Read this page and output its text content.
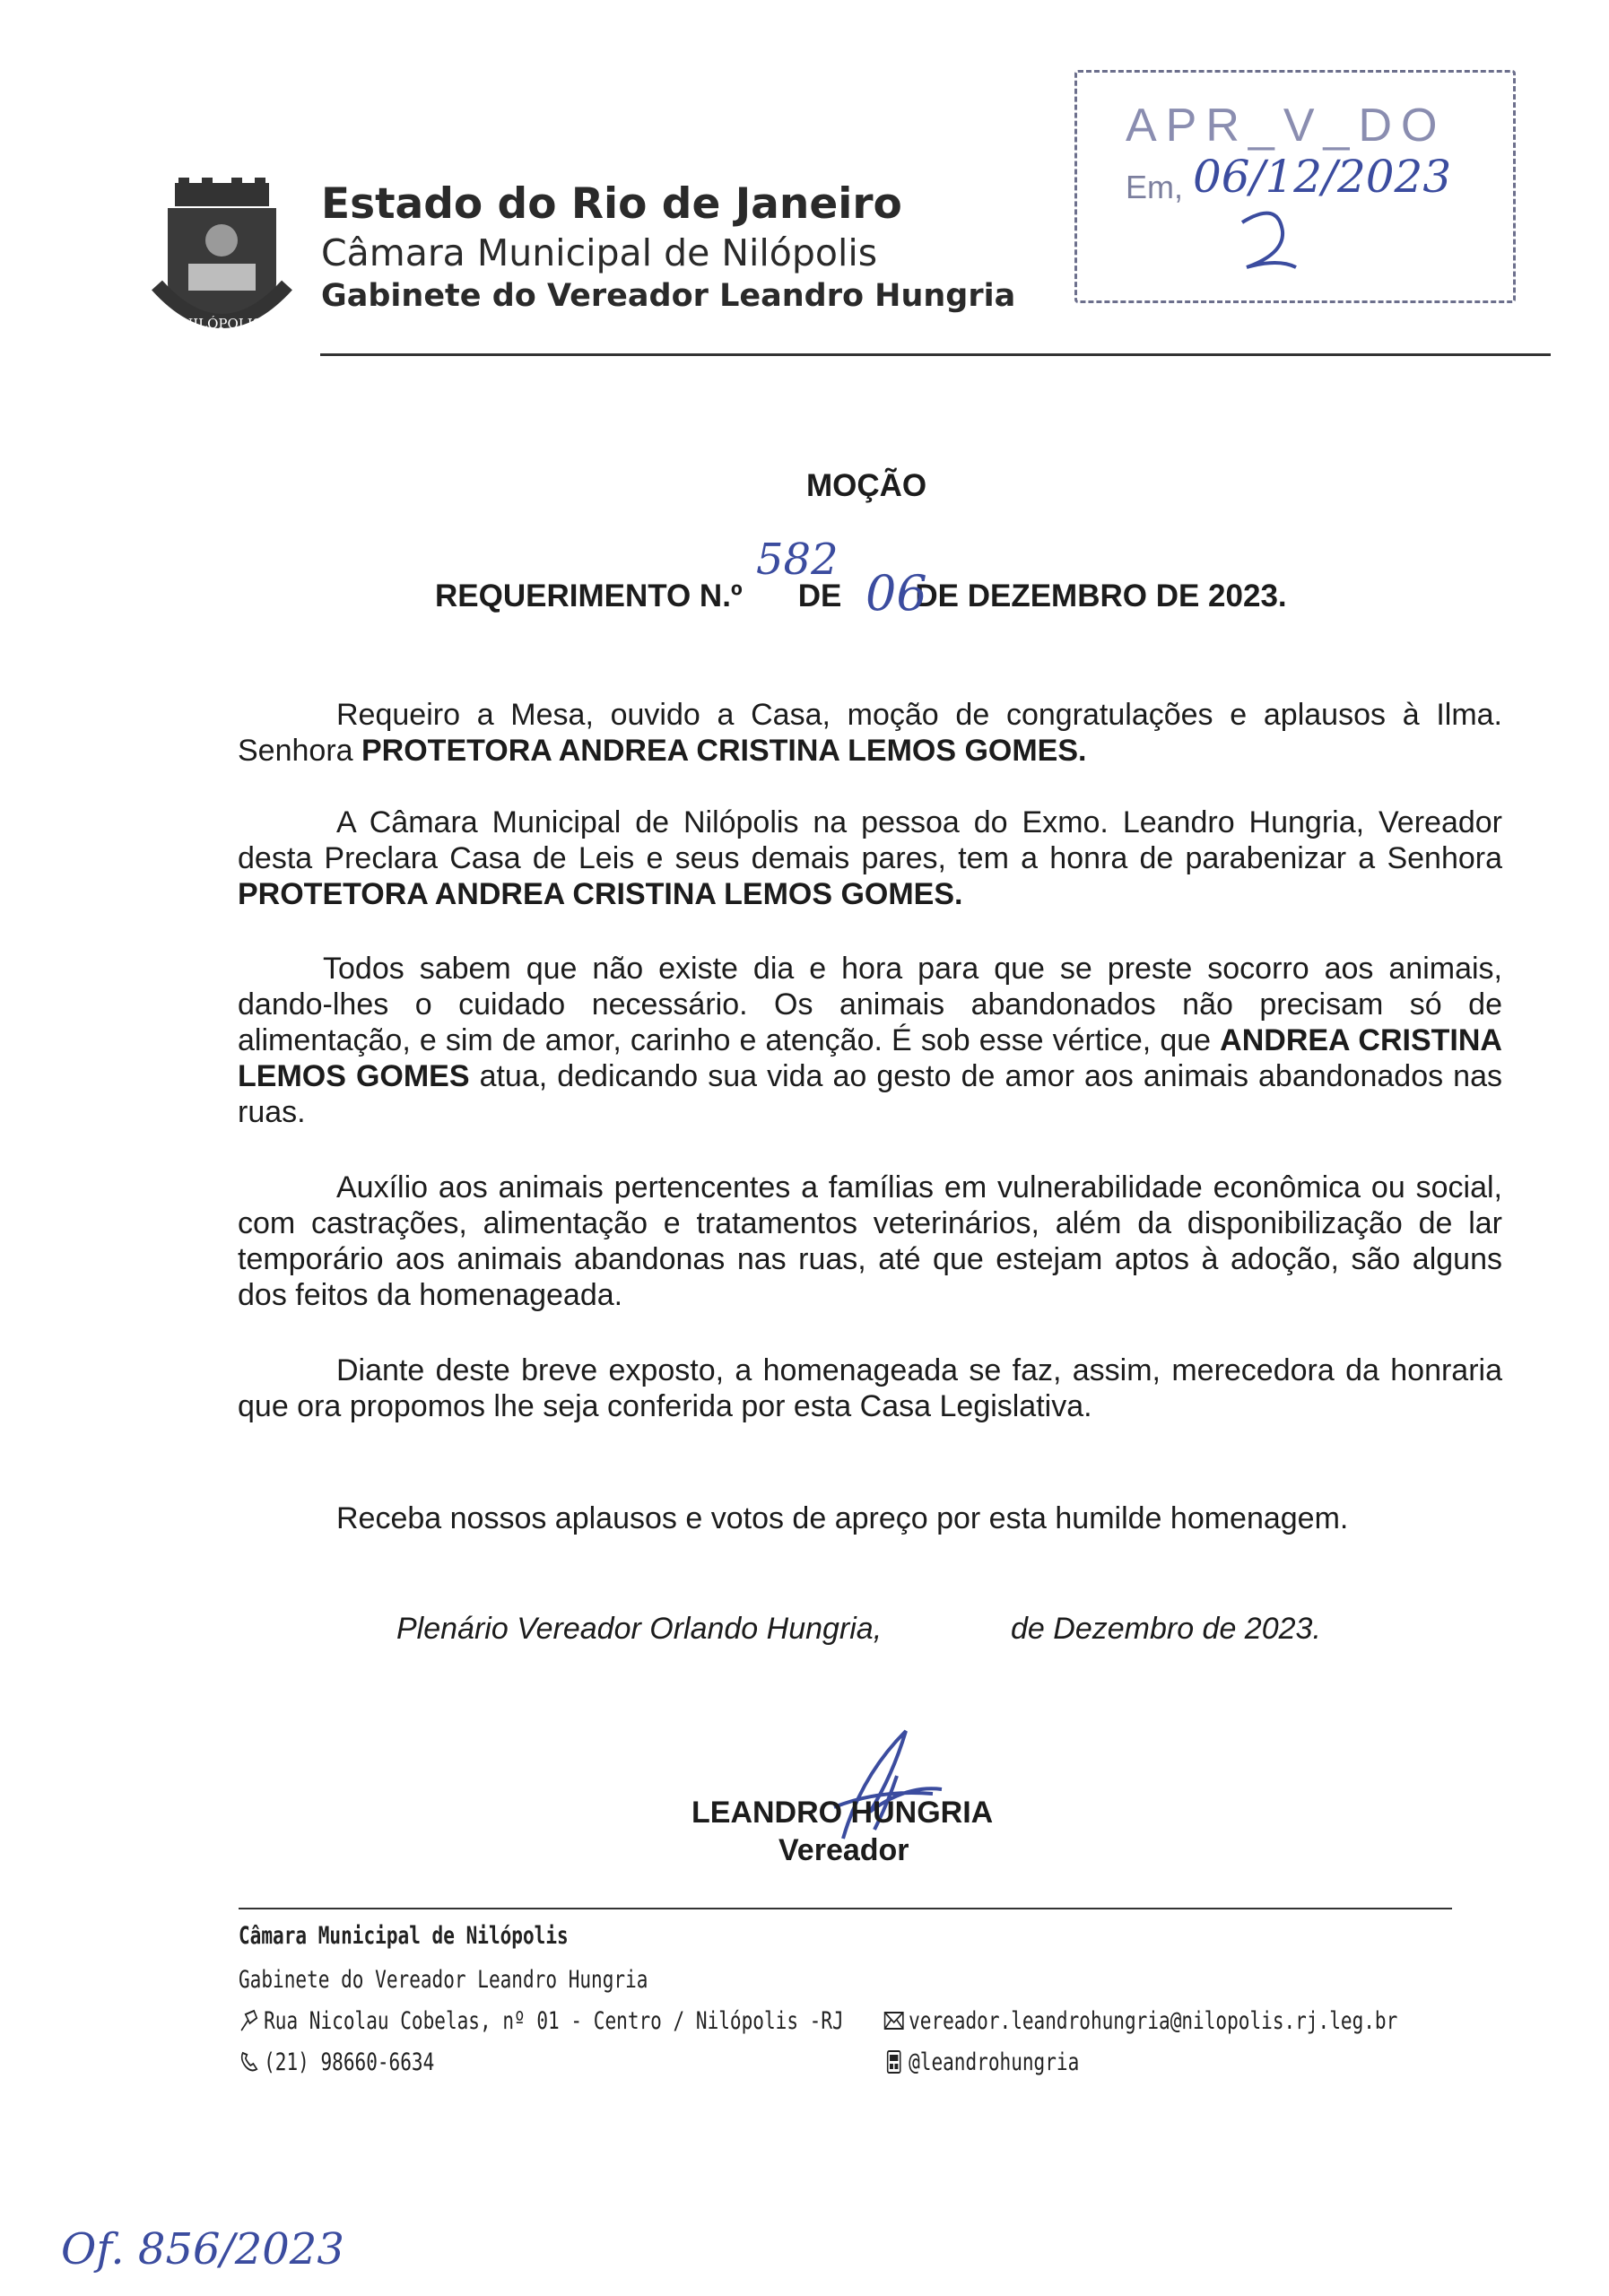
NILÓPOLIS
Estado do Rio de Janeiro
Câmara Municipal de Nilópolis
Gabinete do Vereador Leandro Hungria
APR_V_DO
Em, 06/12/2023
MOÇÃO
REQUERIMENTO N.º DE DE DEZEMBRO DE 2023.
582
06
Requeiro a Mesa, ouvido a Casa, moção de congratulações e aplausos à Ilma. Senhora PROTETORA ANDREA CRISTINA LEMOS GOMES.
A Câmara Municipal de Nilópolis na pessoa do Exmo. Leandro Hungria, Vereador desta Preclara Casa de Leis e seus demais pares, tem a honra de parabenizar a Senhora PROTETORA ANDREA CRISTINA LEMOS GOMES.
Todos sabem que não existe dia e hora para que se preste socorro aos animais, dando-lhes o cuidado necessário. Os animais abandonados não precisam só de alimentação, e sim de amor, carinho e atenção. É sob esse vértice, que ANDREA CRISTINA LEMOS GOMES atua, dedicando sua vida ao gesto de amor aos animais abandonados nas ruas.
Auxílio aos animais pertencentes a famílias em vulnerabilidade econômica ou social, com castrações, alimentação e tratamentos veterinários, além da disponibilização de lar temporário aos animais abandonas nas ruas, até que estejam aptos à adoção, são alguns dos feitos da homenageada.
Diante deste breve exposto, a homenageada se faz, assim, merecedora da honraria que ora propomos lhe seja conferida por esta Casa Legislativa.
Receba nossos aplausos e votos de apreço por esta humilde homenagem.
Plenário Vereador Orlando Hungria,	de Dezembro de 2023.
LEANDRO HUNGRIA
Vereador
Câmara Municipal de Nilópolis
Gabinete do Vereador Leandro Hungria
Rua Nicolau Cobelas, nº 01 - Centro / Nilópolis -RJ
(21) 98660-6634
vereador.leandrohungria@nilopolis.rj.leg.br
@leandrohungria
Of. 856/2023
